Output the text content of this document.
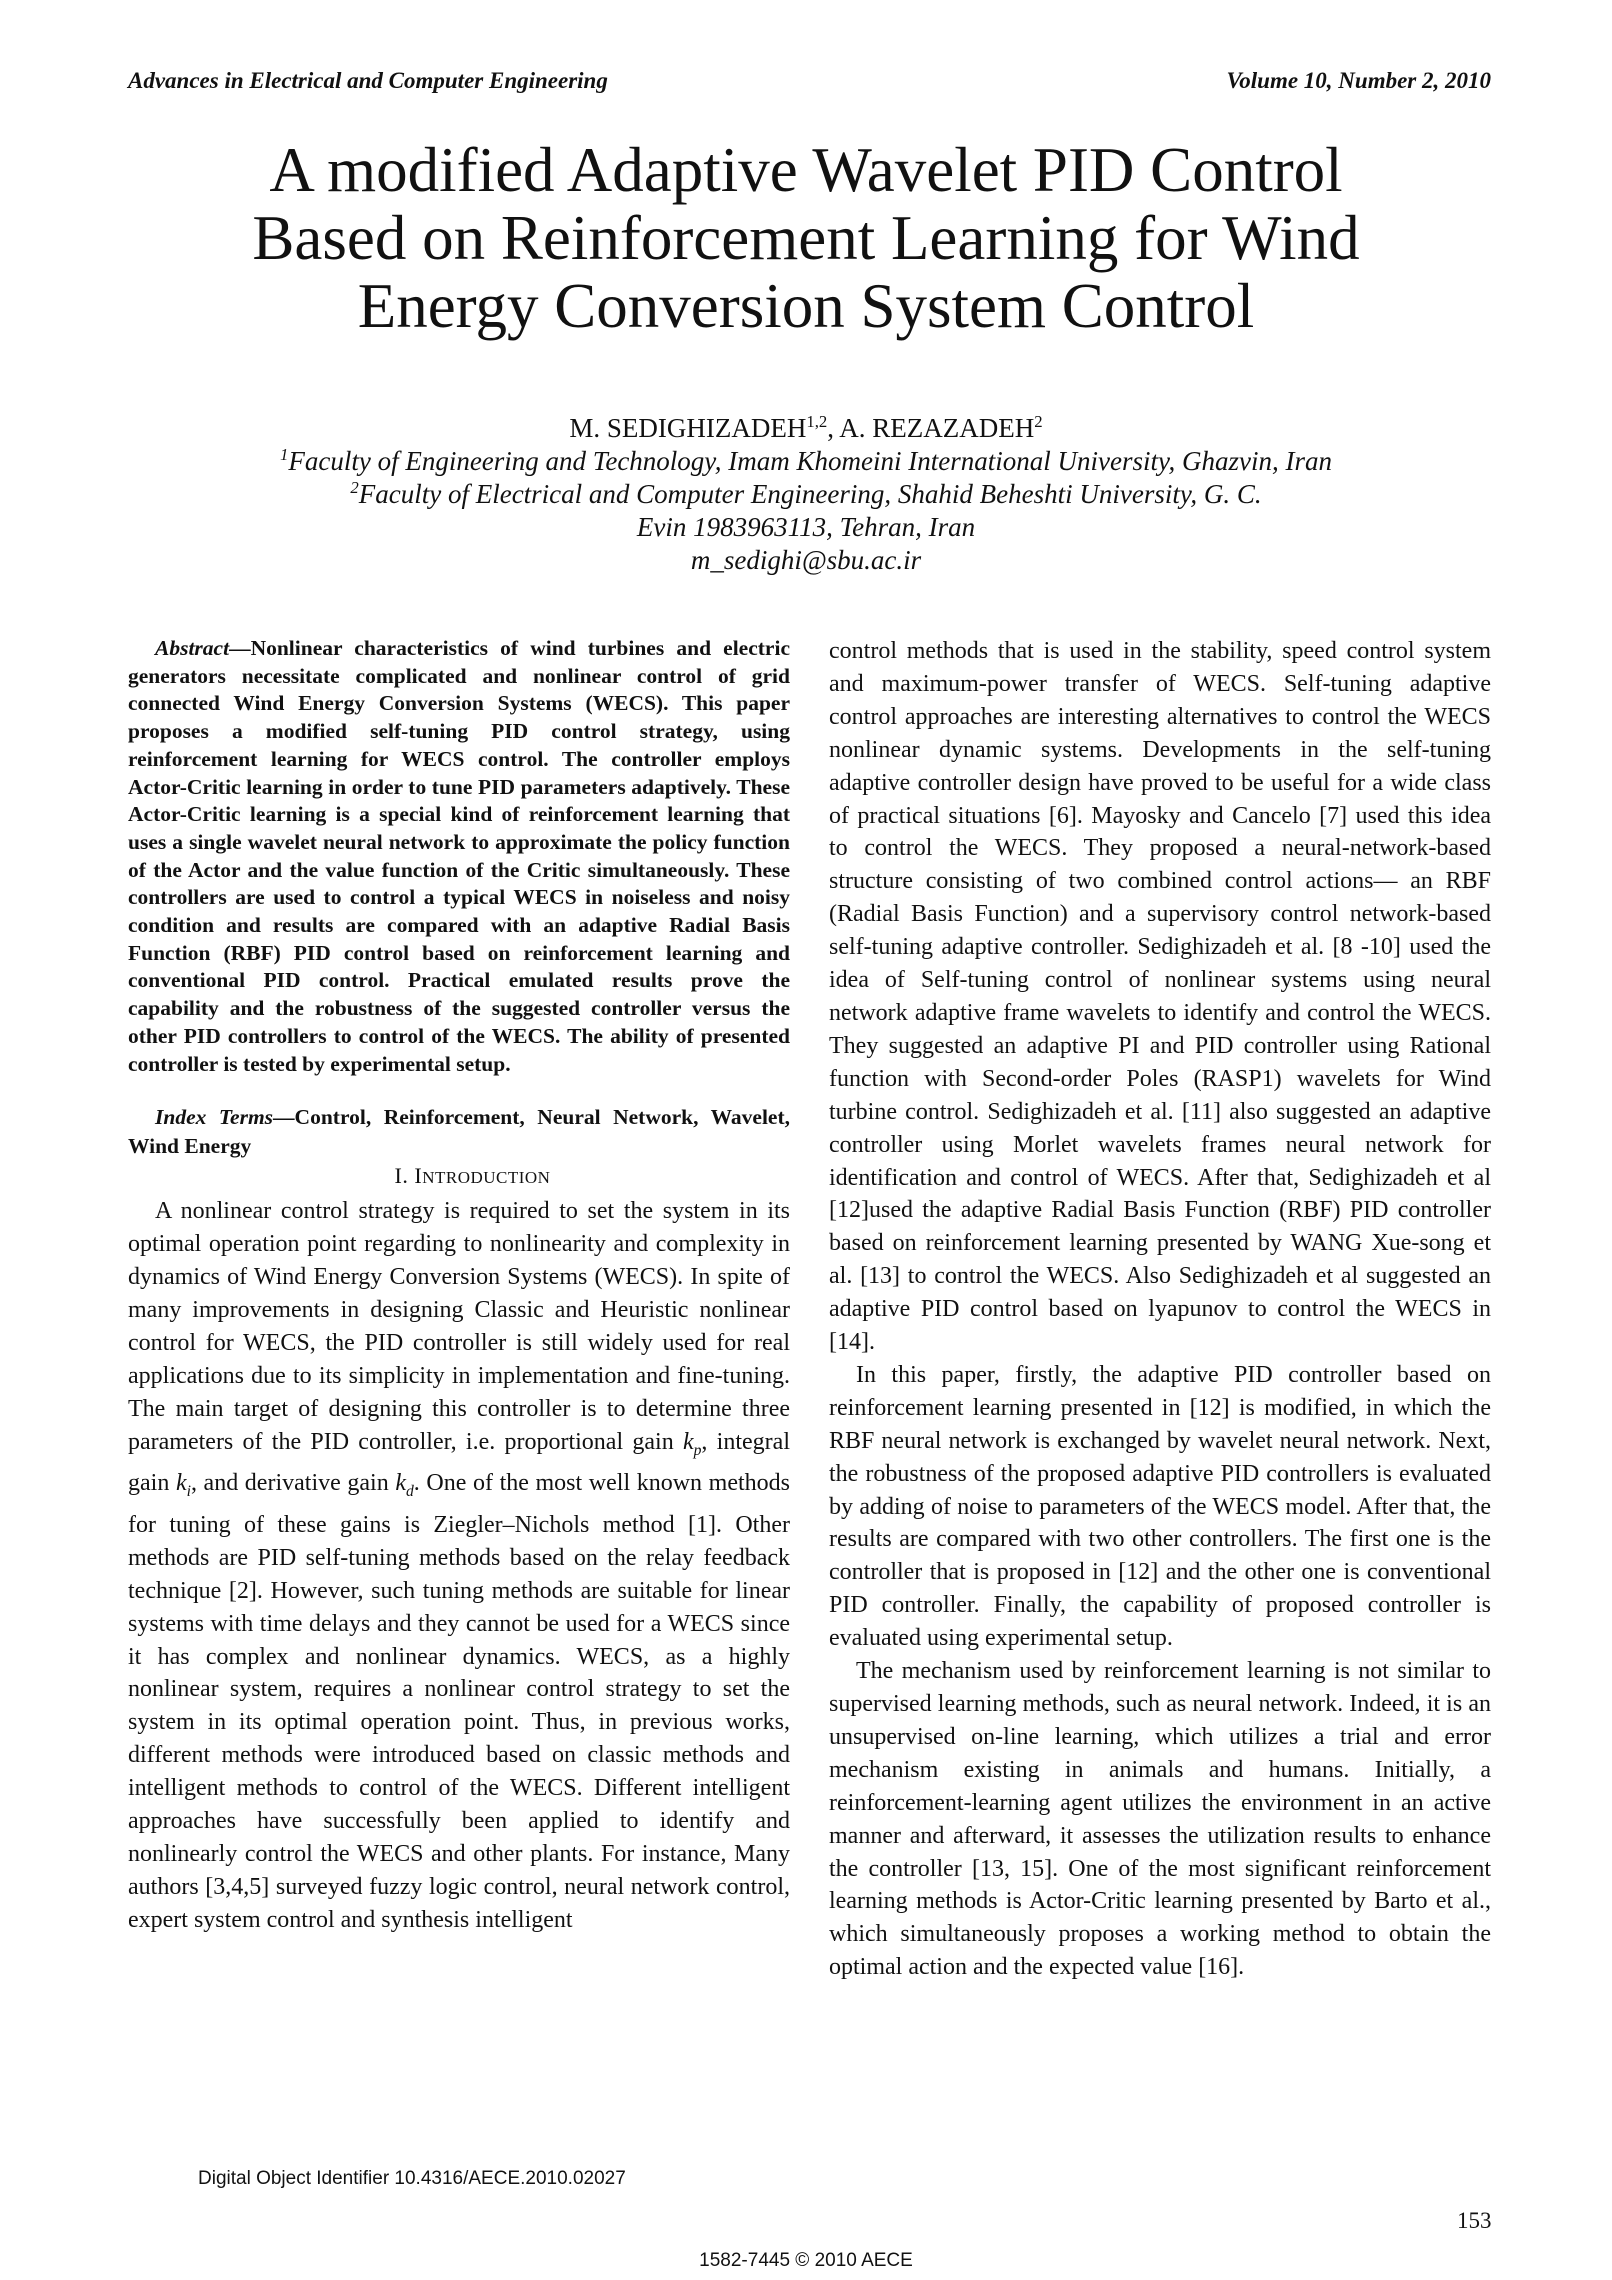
Advances in Electrical and Computer Engineering	Volume 10, Number 2, 2010
A modified Adaptive Wavelet PID Control
Based on Reinforcement Learning for Wind
Energy Conversion System Control
M. SEDIGHIZADEH$^{1,2}$, A. REZAZADEH$^2$
$^1$Faculty of Engineering and Technology, Imam Khomeini International University, Ghazvin, Iran
$^2$Faculty of Electrical and Computer Engineering, Shahid Beheshti University, G. C.
Evin 1983963113, Tehran, Iran
m_sedighi@sbu.ac.ir

Abstract—Nonlinear characteristics of wind turbines and electric generators necessitate complicated and nonlinear control of grid connected Wind Energy Conversion Systems (WECS). This paper proposes a modified self-tuning PID control strategy, using reinforcement learning for WECS control. The controller employs Actor-Critic learning in order to tune PID parameters adaptively. These Actor-Critic learning is a special kind of reinforcement learning that uses a single wavelet neural network to approximate the policy function of the Actor and the value function of the Critic simultaneously. These controllers are used to control a typical WECS in noiseless and noisy condition and results are compared with an adaptive Radial Basis Function (RBF) PID control based on reinforcement learning and conventional PID control. Practical emulated results prove the capability and the robustness of the suggested controller versus the other PID controllers to control of the WECS. The ability of presented controller is tested by experimental setup.

Index Terms—Control, Reinforcement, Neural Network, Wavelet, Wind Energy

I. INTRODUCTION

A nonlinear control strategy is required to set the system in its optimal operation point regarding to nonlinearity and complexity in dynamics of Wind Energy Conversion Systems (WECS). In spite of many improvements in designing Classic and Heuristic nonlinear control for WECS, the PID controller is still widely used for real applications due to its simplicity in implementation and fine-tuning. The main target of designing this controller is to determine three parameters of the PID controller, i.e. proportional gain $k_p$, integral gain $k_i$, and derivative gain $k_d$. One of the most well known methods for tuning of these gains is Ziegler–Nichols method [1]. Other methods are PID self-tuning methods based on the relay feedback technique [2]. However, such tuning methods are suitable for linear systems with time delays and they cannot be used for a WECS since it has complex and nonlinear dynamics. WECS, as a highly nonlinear system, requires a nonlinear control strategy to set the system in its optimal operation point. Thus, in previous works, different methods were introduced based on classic methods and intelligent methods to control of the WECS. Different intelligent approaches have successfully been applied to identify and nonlinearly control the WECS and other plants. For instance, Many authors [3,4,5] surveyed fuzzy logic control, neural network control, expert system control and synthesis intelligent

control methods that is used in the stability, speed control system and maximum-power transfer of WECS. Self-tuning adaptive control approaches are interesting alternatives to control the WECS nonlinear dynamic systems. Developments in the self-tuning adaptive controller design have proved to be useful for a wide class of practical situations [6]. Mayosky and Cancelo [7] used this idea to control the WECS. They proposed a neural-network-based structure consisting of two combined control actions— an RBF (Radial Basis Function) and a supervisory control network-based self-tuning adaptive controller. Sedighizadeh et al. [8 -10] used the idea of Self-tuning control of nonlinear systems using neural network adaptive frame wavelets to identify and control the WECS. They suggested an adaptive PI and PID controller using Rational function with Second-order Poles (RASP1) wavelets for Wind turbine control. Sedighizadeh et al. [11] also suggested an adaptive controller using Morlet wavelets frames neural network for identification and control of WECS. After that, Sedighizadeh et al [12]used the adaptive Radial Basis Function (RBF) PID controller based on reinforcement learning presented by WANG Xue-song et al. [13] to control the WECS. Also Sedighizadeh et al suggested an adaptive PID control based on lyapunov to control the WECS in [14].

In this paper, firstly, the adaptive PID controller based on reinforcement learning presented in [12] is modified, in which the RBF neural network is exchanged by wavelet neural network. Next, the robustness of the proposed adaptive PID controllers is evaluated by adding of noise to parameters of the WECS model. After that, the results are compared with two other controllers. The first one is the controller that is proposed in [12] and the other one is conventional PID controller. Finally, the capability of proposed controller is evaluated using experimental setup.

The mechanism used by reinforcement learning is not similar to supervised learning methods, such as neural network. Indeed, it is an unsupervised on-line learning, which utilizes a trial and error mechanism existing in animals and humans. Initially, a reinforcement-learning agent utilizes the environment in an active manner and afterward, it assesses the utilization results to enhance the controller [13, 15]. One of the most significant reinforcement learning methods is Actor-Critic learning presented by Barto et al., which simultaneously proposes a working method to obtain the optimal action and the expected value [16].

Digital Object Identifier 10.4316/AECE.2010.02027
153
1582-7445 © 2010 AECE
